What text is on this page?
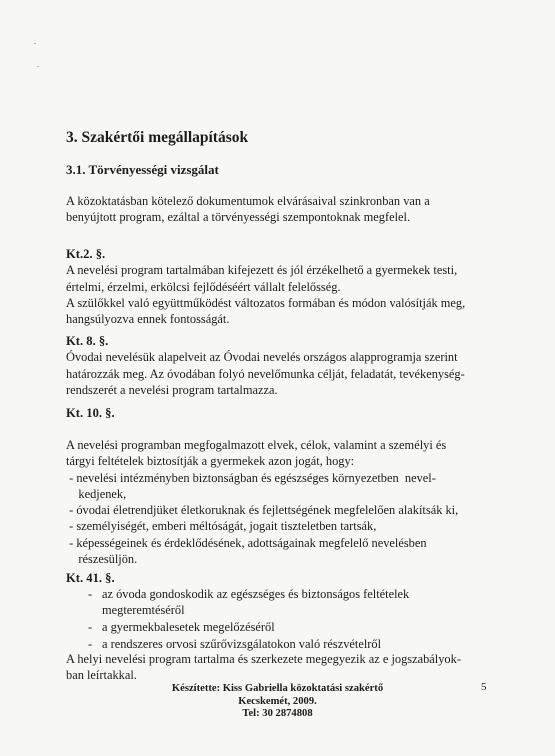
3. Szakértői megállapítások
3.1. Törvényességi vizsgálat
A közoktatásban kötelező dokumentumok elvárásaival szinkronban van a
benyújtott program, ezáltal a törvényességi szempontoknak megfelel.
Kt.2. §.
A nevelési program tartalmában kifejezett és jól érzékelhető a gyermekek testi,
értelmi, érzelmi, erkölcsi fejlődéséért vállalt felelősség.
A szülőkkel való együttműködést változatos formában és módon valósítják meg,
hangsúlyozva ennek fontosságát.
Kt. 8. §.
Óvodai nevelésük alapelveit az Óvodai nevelés országos alapprogramja szerint
határozzák meg. Az óvodában folyó nevelőmunka célját, feladatát, tevékenység-
rendszerét a nevelési program tartalmazza.
Kt. 10. §.
A nevelési programban megfogalmazott elvek, célok, valamint a személyi és
tárgyi feltételek biztosítják a gyermekek azon jogát, hogy:
- nevelési intézményben biztonságban és egészséges környezetben  nevel-
kedjenek,
- óvodai életrendjüket életkoruknak és fejlettségének megfelelően alakítsák ki,
- személyiségét, emberi méltóságát, jogait tiszteletben tartsák,
- képességeinek és érdeklődésének, adottságainak megfelelő nevelésben
részesüljön.
Kt. 41. §.
- az óvoda gondoskodik az egészséges és biztonságos feltételek
megteremtéséről
- a gyermekbalesetek megelőzéséről
- a rendszeres orvosi szűrővizsgálatokon való részvételről
A helyi nevelési program tartalma és szerkezete megegyezik az e jogszabályok-
ban leírtakkal.
Készítette: Kiss Gabriella közoktatási szakértő
Kecskemét, 2009.
Tel: 30 2874808
5
